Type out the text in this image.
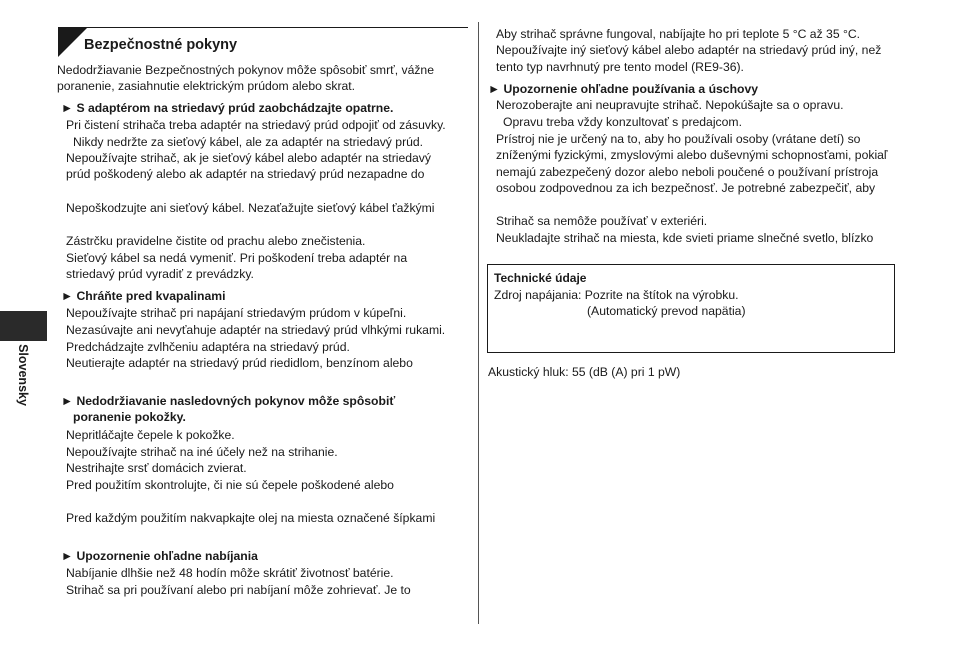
Slovensky
Bezpečnostné pokyny
Nedodržiavanie Bezpečnostných pokynov môže spôsobiť smrť, vážne
poranenie, zasiahnutie elektrickým prúdom alebo skrat.
► S adaptérom na striedavý prúd zaobchádzajte opatrne.
Pri čistení strihača treba adaptér na striedavý prúd odpojiť od zásuvky.
Nikdy nedržte za sieťový kábel, ale za adaptér na striedavý prúd.
Nepoužívajte strihač, ak je sieťový kábel alebo adaptér na striedavý
prúd poškodený alebo ak adaptér na striedavý prúd nezapadne do
Nepoškodzujte ani sieťový kábel. Nezaťažujte sieťový kábel ťažkými
Zástrčku pravidelne čistite od prachu alebo znečistenia.
Sieťový kábel sa nedá vymeniť. Pri poškodení treba adaptér na
striedavý prúd vyradiť z prevádzky.
► Chráňte pred kvapalinami
Nepoužívajte strihač pri napájaní striedavým prúdom v kúpeľni.
Nezasúvajte ani nevyťahuje adaptér na striedavý prúd vlhkými rukami.
Predchádzajte zvlhčeniu adaptéra na striedavý prúd.
Neutierajte adaptér na striedavý prúd riedidlom, benzínom alebo
► Nedodržiavanie nasledovných pokynov môže spôsobiť
poranenie pokožky.
Nepritláčajte čepele k pokožke.
Nepoužívajte strihač na iné účely než na strihanie.
Nestrihajte srsť domácich zvierat.
Pred použitím skontrolujte, či nie sú čepele poškodené alebo
Pred každým použitím nakvapkajte olej na miesta označené šípkami
► Upozornenie ohľadne nabíjania
Nabíjanie dlhšie než 48 hodín môže skrátiť životnosť batérie.
Strihač sa pri používaní alebo pri nabíjaní môže zohrievať. Je to
Aby strihač správne fungoval, nabíjajte ho pri teplote 5 °C až 35 °C.
Nepoužívajte iný sieťový kábel alebo adaptér na striedavý prúd iný, než
tento typ navrhnutý pre tento model (RE9-36).
► Upozornenie ohľadne používania a úschovy
Nerozoberajte ani neupravujte strihač. Nepokúšajte sa o opravu.
Opravu treba vždy konzultovať s predajcom.
Prístroj nie je určený na to, aby ho používali osoby (vrátane detí) so
zníženými fyzickými, zmyslovými alebo duševnými schopnosťami, pokiaľ
nemajú zabezpečený dozor alebo neboli poučené o používaní prístroja
osobou zodpovednou za ich bezpečnosť. Je potrebné zabezpečiť, aby
Strihač sa nemôže používať v exteriéri.
Neukladajte strihač na miesta, kde svieti priame slnečné svetlo, blízko
Technické údaje
Zdroj napájania: Pozrite na štítok na výrobku.
(Automatický prevod napätia)
Akustický hluk: 55 (dB (A) pri 1 pW)
